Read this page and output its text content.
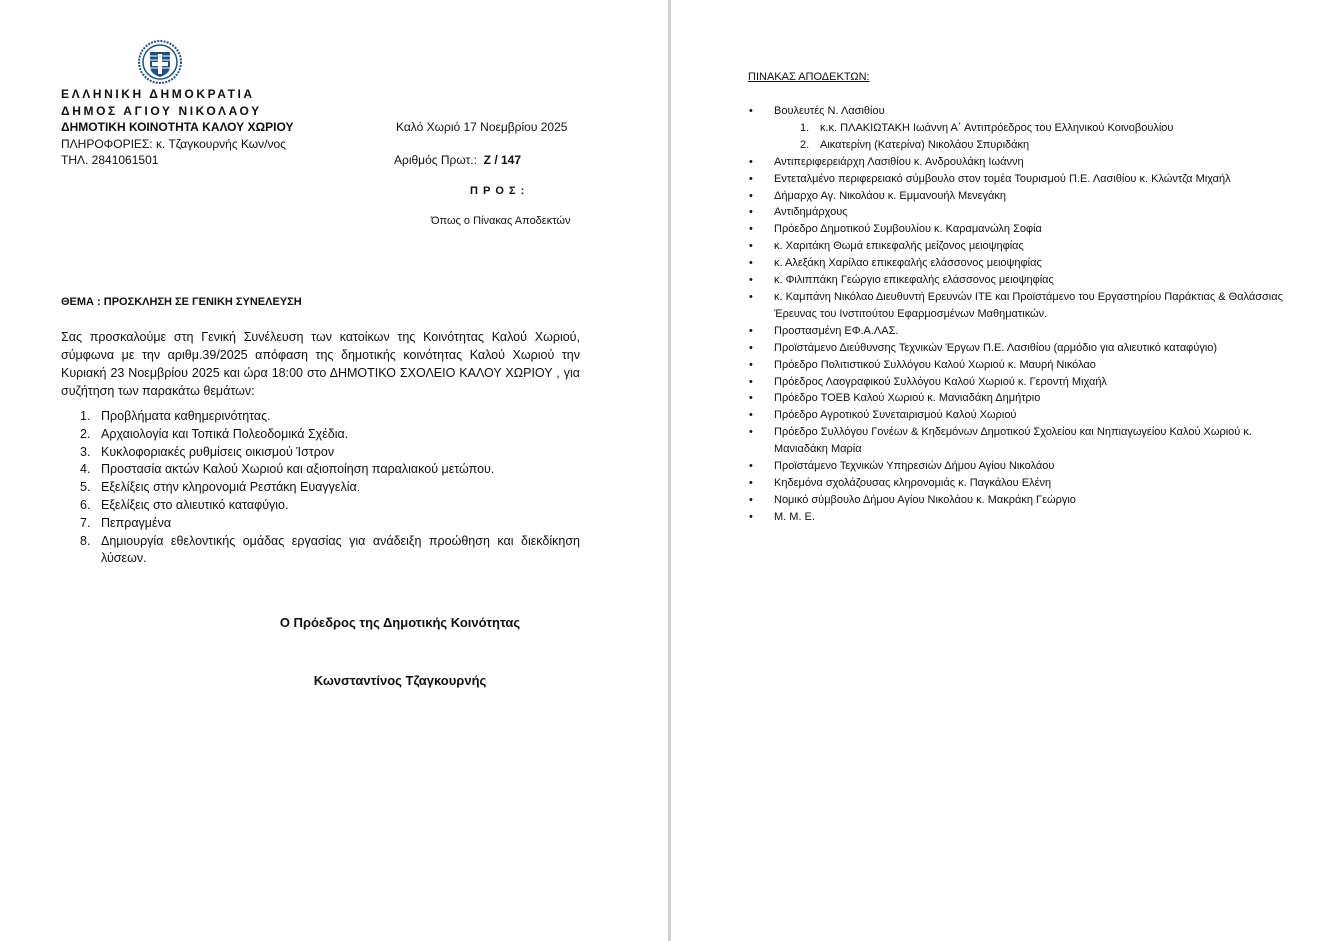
ΕΛΛΗΝΙΚΗ ΔΗΜΟΚΡΑΤΙΑ
ΔΗΜΟΣ ΑΓΙΟΥ ΝΙΚΟΛΑΟΥ
ΔΗΜΟΤΙΚΗ ΚΟΙΝΟΤΗΤΑ ΚΑΛΟΥ ΧΩΡΙΟΥ
ΠΛΗΡΟΦΟΡΙΕΣ: κ. Τζαγκουρνής Κων/νος
ΤΗΛ. 2841061501
Καλό Χωριό 17 Νοεμβρίου 2025
Αριθμός Πρωτ.: Ζ / 147
Π Ρ Ο Σ :
Όπως ο Πίνακας Αποδεκτών
ΘΕΜΑ : ΠΡΟΣΚΛΗΣΗ ΣΕ ΓΕΝΙΚΗ ΣΥΝΕΛΕΥΣΗ

Σας προσκαλούμε στη Γενική Συνέλευση των κατοίκων της Κοινότητας Καλού Χωριού, σύμφωνα με την αριθμ.39/2025 απόφαση της δημοτικής κοινότητας Καλού Χωριού την Κυριακή 23 Νοεμβρίου 2025 και ώρα 18:00 στο ΔΗΜΟΤΙΚΟ ΣΧΟΛΕΙΟ ΚΑΛΟΥ ΧΩΡΙΟΥ , για συζήτηση των παρακάτω θεμάτων:

1. Προβλήματα καθημερινότητας.
2. Αρχαιολογία και Τοπικά Πολεοδομικά Σχέδια.
3. Κυκλοφοριακές ρυθμίσεις οικισμού Ίστρον
4. Προστασία ακτών Καλού Χωριού και αξιοποίηση παραλιακού μετώπου.
5. Εξελίξεις στην κληρονομιά Ρεστάκη Ευαγγελία.
6. Εξελίξεις στο αλιευτικό καταφύγιο.
7. Πεπραγμένα
8. Δημιουργία εθελοντικής ομάδας εργασίας για ανάδειξη προώθηση και διεκδίκηση λύσεων.
Ο Πρόεδρος της Δημοτικής Κοινότητας
Κωνσταντίνος Τζαγκουρνής
ΠΙΝΑΚΑΣ ΑΠΟΔΕΚΤΩΝ:
• Βουλευτές Ν. Λασιθίου
1. κ.κ. ΠΛΑΚΙΩΤΑΚΗ Ιωάννη Α΄ Αντιπρόεδρος του Ελληνικού Κοινοβουλίου
2. Αικατερίνη (Κατερίνα) Νικολάου Σπυριδάκη
• Αντιπεριφερειάρχη Λασιθίου κ. Ανδρουλάκη Ιωάννη
• Εντεταλμένο περιφερειακό σύμβουλο στον τομέα Τουρισμού Π.Ε. Λασιθίου κ. Κλώντζα Μιχαήλ
• Δήμαρχο Αγ. Νικολάου κ. Εμμανουήλ Μενεγάκη
• Αντιδημάρχους
• Πρόεδρο Δημοτικού Συμβουλίου κ. Καραμανώλη Σοφία
• κ. Χαριτάκη Θωμά επικεφαλής μείζονος μειοψηφίας
• κ. Αλεξάκη Χαρίλαο επικεφαλής ελάσσονος μειοψηφίας
• κ. Φιλιππάκη Γεώργιο επικεφαλής ελάσσονος μειοψηφίας
• κ. Καμπάνη Νικόλαο Διευθυντή Ερευνών ΙΤΕ και Προϊστάμενο του Εργαστηρίου Παράκτιας & Θαλάσσιας Έρευνας του Ινστιτούτου Εφαρμοσμένων Μαθηματικών.
• Προστασμένη ΕΦ.Α.ΛΑΣ.
• Προϊστάμενο Διεύθυνσης Τεχνικών Έργων Π.Ε. Λασιθίου (αρμόδιο για αλιευτικό καταφύγιο)
• Πρόεδρο Πολιτιστικού Συλλόγου Καλού Χωριού κ. Μαυρή Νικόλαο
• Πρόεδρος Λαογραφικού Συλλόγου Καλού Χωριού κ. Γεροντή Μιχαήλ
• Πρόεδρο ΤΟΕΒ Καλού Χωριού κ. Μανιαδάκη Δημήτριο
• Πρόεδρο Αγροτικού Συνεταιρισμού Καλού Χωριού
• Πρόεδρο Συλλόγου Γονέων & Κηδεμόνων Δημοτικού Σχολείου και Νηπιαγωγείου Καλού Χωριού κ. Μανιαδάκη Μαρία
• Προϊστάμενο Τεχνικών Υπηρεσιών Δήμου Αγίου Νικολάου
• Κηδεμόνα σχολάζουσας κληρονομιάς κ. Παγκάλου Ελένη
• Νομικό σύμβουλο Δήμου Αγίου Νικολάου κ. Μακράκη Γεώργιο
• Μ. Μ. Ε.
